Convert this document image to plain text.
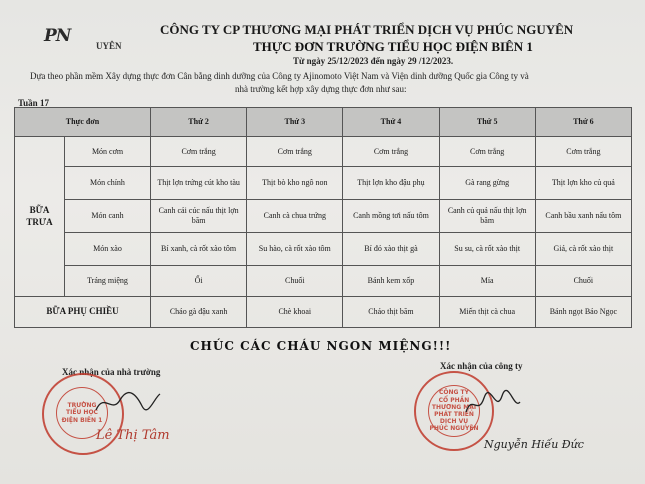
PN	UYÊN
CÔNG TY CP THƯƠNG MẠI PHÁT TRIỂN DỊCH VỤ PHÚC NGUYÊN
THỰC ĐƠN TRƯỜNG TIỂU HỌC ĐIỆN BIÊN 1
Từ ngày 25/12/2023 đến ngày 29 /12/2023.
Dựa theo phần mềm Xây dựng thực đơn Cân bằng dinh dưỡng của Công ty Ajinomoto Việt Nam và Viện dinh dưỡng Quốc gia Công ty và
nhà trường kết hợp xây dựng thực đơn như sau:
Tuần 17
Thực đơn		Thứ 2	Thứ 3	Thứ 4	Thứ 5	Thứ 6
BỮA
TRƯA	Món cơm	Cơm trắng	Cơm trắng	Cơm trắng	Cơm trắng	Cơm trắng
	Món chính	Thịt lợn trứng cút kho tàu	Thịt bò kho ngô non	Thịt lợn kho đậu phụ	Gà rang gừng	Thịt lợn kho củ quả
	Món canh	Canh cải cúc nấu thịt lợn băm	Canh cà chua trứng	Canh mồng tơi nấu tôm	Canh củ quả nấu thịt lợn băm	Canh bầu xanh nấu tôm
	Món xào	Bí xanh, cà rốt xào tôm	Su hào, cà rốt xào tôm	Bí đỏ xào thịt gà	Su su, cà rốt xào thịt	Giá, cà rốt xào thịt
	Tráng miệng	Ổi	Chuối	Bánh kem xốp	Mía	Chuối
BỮA PHỤ CHIỀU		Cháo gà đậu xanh	Chè khoai	Cháo thịt băm	Miến thịt cà chua	Bánh ngọt Bảo Ngọc
CHÚC CÁC CHÁU NGON MIỆNG!!!
Xác nhận của nhà trường
Xác nhận của công ty
TRƯỜNG
TIỂU HỌC
ĐIỆN BIÊN 1
Lê Thị Tâm
CÔNG TY
CỔ PHẦN
THƯƠNG MẠI
PHÁT TRIỂN
DỊCH VỤ
PHÚC NGUYÊN
Nguyễn Hiếu Đức
